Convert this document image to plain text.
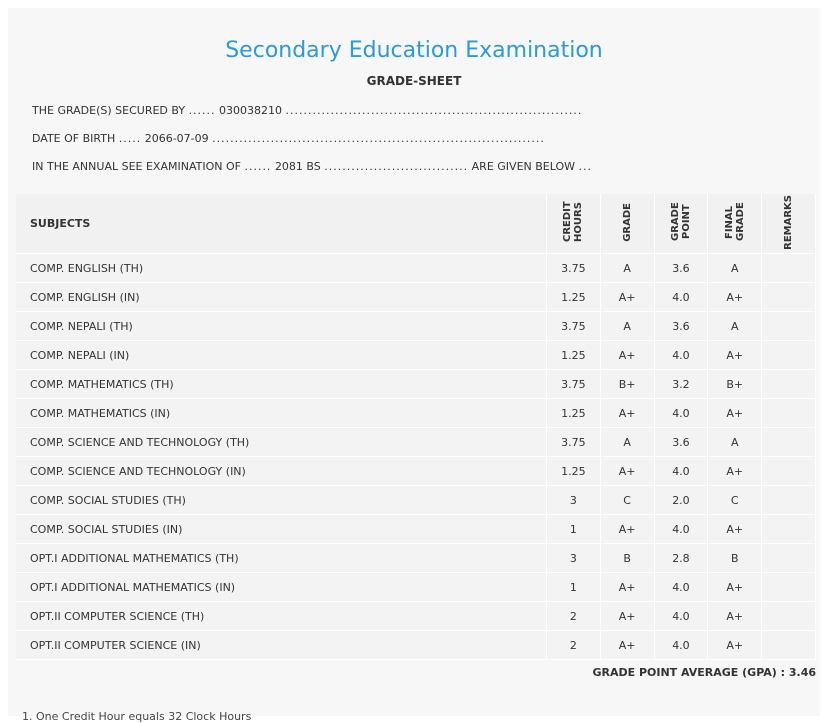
Secondary Education Examination
GRADE-SHEET
THE GRADE(S) SECURED BY ...... 030038210 ..................................................................
DATE OF BIRTH ..... 2066-07-09 ..........................................................................
IN THE ANNUAL SEE EXAMINATION OF ...... 2081 BS ................................ ARE GIVEN BELOW ...
SUBJECTS	CREDIT HOURS	GRADE	GRADE POINT	FINAL GRADE	REMARKS
COMP. ENGLISH (TH)	3.75	A	3.6	A	
COMP. ENGLISH (IN)	1.25	A+	4.0	A+	
COMP. NEPALI (TH)	3.75	A	3.6	A	
COMP. NEPALI (IN)	1.25	A+	4.0	A+	
COMP. MATHEMATICS (TH)	3.75	B+	3.2	B+	
COMP. MATHEMATICS (IN)	1.25	A+	4.0	A+	
COMP. SCIENCE AND TECHNOLOGY (TH)	3.75	A	3.6	A	
COMP. SCIENCE AND TECHNOLOGY (IN)	1.25	A+	4.0	A+	
COMP. SOCIAL STUDIES (TH)	3	C	2.0	C	
COMP. SOCIAL STUDIES (IN)	1	A+	4.0	A+	
OPT.I ADDITIONAL MATHEMATICS (TH)	3	B	2.8	B	
OPT.I ADDITIONAL MATHEMATICS (IN)	1	A+	4.0	A+	
OPT.II COMPUTER SCIENCE (TH)	2	A+	4.0	A+	
OPT.II COMPUTER SCIENCE (IN)	2	A+	4.0	A+	
GRADE POINT AVERAGE (GPA) : 3.46
1. One Credit Hour equals 32 Clock Hours
